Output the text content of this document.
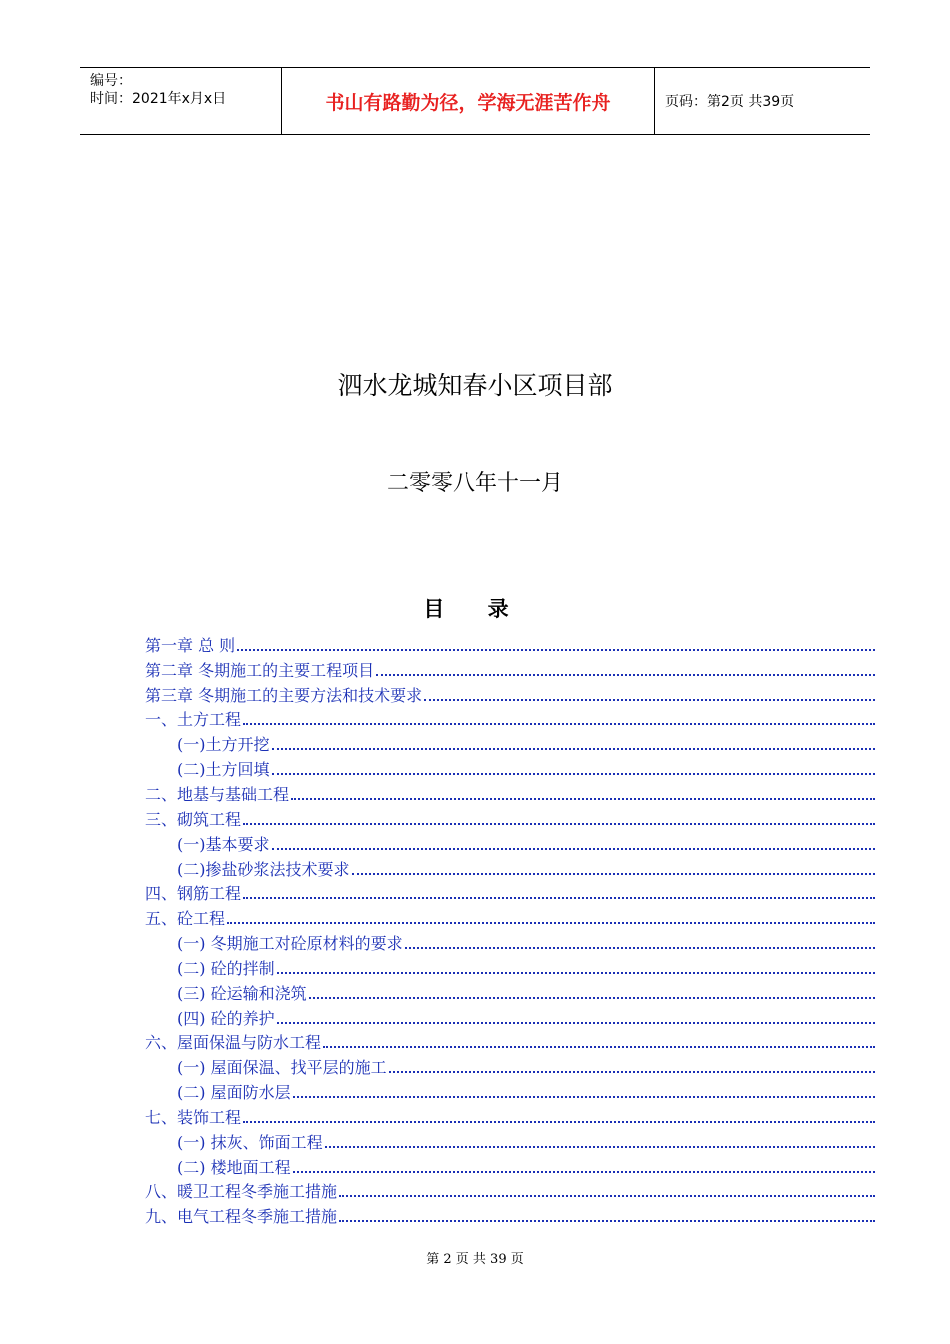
编号：
时间：2021年x月x日	书山有路勤为径，学海无涯苦作舟	页码：第2页 共39页
泗水龙城知春小区项目部
二零零八年十一月
目 录
第一章 总 则
第二章 冬期施工的主要工程项目
第三章 冬期施工的主要方法和技术要求
一、土方工程
(一)土方开挖
(二)土方回填
二、地基与基础工程
三、砌筑工程
(一)基本要求
(二)掺盐砂浆法技术要求
四、钢筋工程
五、砼工程
(一) 冬期施工对砼原材料的要求
(二) 砼的拌制
(三) 砼运输和浇筑
(四) 砼的养护
六、屋面保温与防水工程
(一) 屋面保温、找平层的施工
(二) 屋面防水层
七、装饰工程
(一) 抹灰、饰面工程
(二) 楼地面工程
八、暖卫工程冬季施工措施
九、电气工程冬季施工措施
第 2 页 共 39 页
